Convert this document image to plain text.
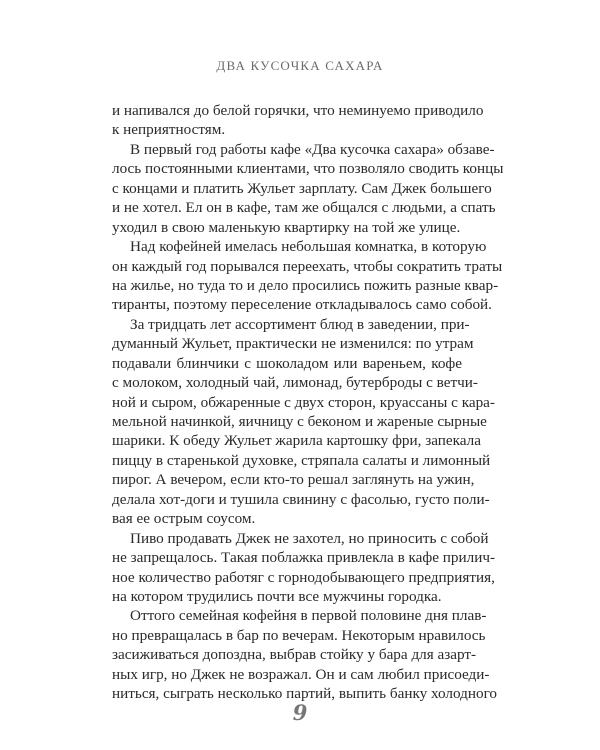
ДВА КУСОЧКА САХАРА
и напивался до белой горячки, что неминуемо приводило
к неприятностям.
В первый год работы кафе «Два кусочка сахара» обзаве-
лось постоянными клиентами, что позволяло сводить концы
с концами и платить Жульет зарплату. Сам Джек большего
и не хотел. Ел он в кафе, там же общался с людьми, а спать
уходил в свою маленькую квартирку на той же улице.
Над кофейней имелась небольшая комнатка, в которую
он каждый год порывался переехать, чтобы сократить траты
на жилье, но туда то и дело просились пожить разные квар-
тиранты, поэтому переселение откладывалось само собой.
За тридцать лет ассортимент блюд в заведении, при-
думанный Жульет, практически не изменился: по утрам
подавали блинчики с шоколадом или вареньем, кофе
с молоком, холодный чай, лимонад, бутерброды с ветчи-
ной и сыром, обжаренные с двух сторон, круассаны с кара-
мельной начинкой, яичницу с беконом и жареные сырные
шарики. К обеду Жульет жарила картошку фри, запекала
пиццу в старенькой духовке, стряпала салаты и лимонный
пирог. А вечером, если кто-то решал заглянуть на ужин,
делала хот-доги и тушила свинину с фасолью, густо поли-
вая ее острым соусом.
Пиво продавать Джек не захотел, но приносить с собой
не запрещалось. Такая поблажка привлекла в кафе прилич-
ное количество работяг с горнодобывающего предприятия,
на котором трудились почти все мужчины городка.
Оттого семейная кофейня в первой половине дня плав-
но превращалась в бар по вечерам. Некоторым нравилось
засиживаться допоздна, выбрав стойку у бара для азарт-
ных игр, но Джек не возражал. Он и сам любил присоеди-
ниться, сыграть несколько партий, выпить банку холодного
9
